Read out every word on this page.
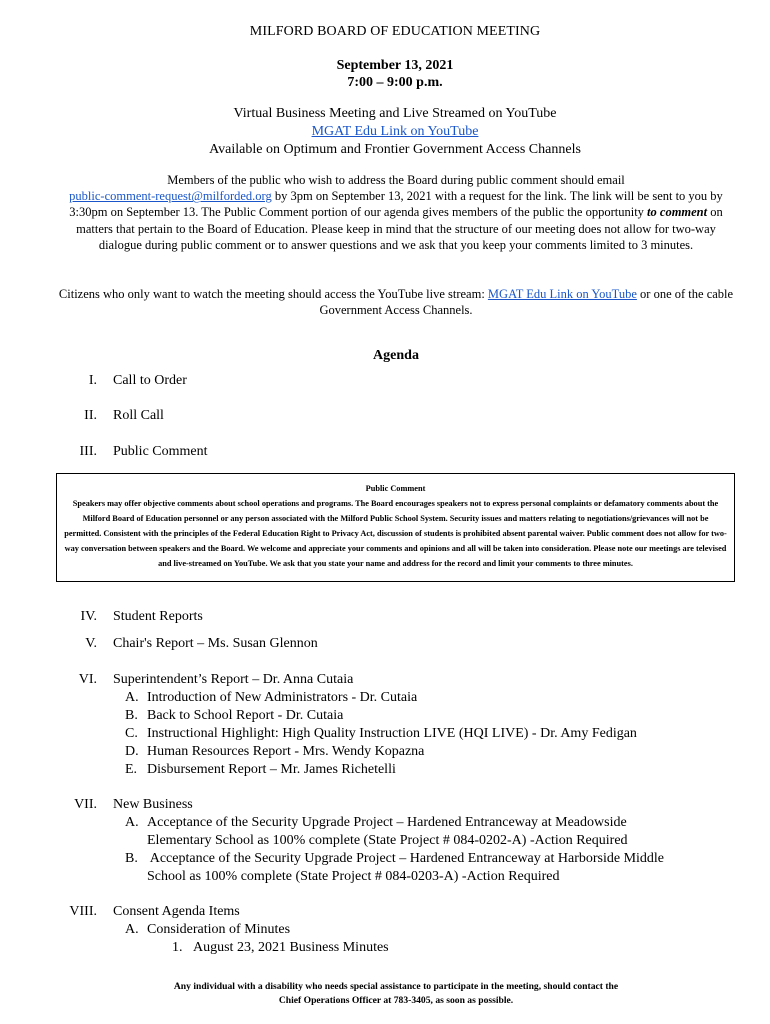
MILFORD BOARD OF EDUCATION MEETING
September 13, 2021
7:00 – 9:00 p.m.
Virtual Business Meeting and Live Streamed on YouTube
MGAT Edu Link on YouTube
Available on Optimum and Frontier Government Access Channels
Members of the public who wish to address the Board during public comment should email
public-comment-request@milforded.org by 3pm on September 13, 2021 with a request for the link. The link will be sent to you by 3:30pm on September 13. The Public Comment portion of our agenda gives members of the public the opportunity to comment on matters that pertain to the Board of Education. Please keep in mind that the structure of our meeting does not allow for two-way dialogue during public comment or to answer questions and we ask that you keep your comments limited to 3 minutes.
Citizens who only want to watch the meeting should access the YouTube live stream: MGAT Edu Link on YouTube or one of the cable Government Access Channels.
Agenda
I. Call to Order
II. Roll Call
III. Public Comment
Public Comment
Speakers may offer objective comments about school operations and programs. The Board encourages speakers not to express personal complaints or defamatory comments about the Milford Board of Education personnel or any person associated with the Milford Public School System. Security issues and matters relating to negotiations/grievances will not be permitted. Consistent with the principles of the Federal Education Right to Privacy Act, discussion of students is prohibited absent parental waiver. Public comment does not allow for two-way conversation between speakers and the Board. We welcome and appreciate your comments and opinions and all will be taken into consideration. Please note our meetings are televised and live-streamed on YouTube. We ask that you state your name and address for the record and limit your comments to three minutes.
IV. Student Reports
V. Chair's Report – Ms. Susan Glennon
VI. Superintendent’s Report – Dr. Anna Cutaia
A. Introduction of New Administrators - Dr. Cutaia
B. Back to School Report - Dr. Cutaia
C. Instructional Highlight: High Quality Instruction LIVE (HQI LIVE) - Dr. Amy Fedigan
D. Human Resources Report - Mrs. Wendy Kopazna
E. Disbursement Report – Mr. James Richetelli
VII. New Business
A. Acceptance of the Security Upgrade Project – Hardened Entranceway at Meadowside
Elementary School as 100% complete (State Project # 084-0202-A) -Action Required
B. Acceptance of the Security Upgrade Project – Hardened Entranceway at Harborside Middle
School as 100% complete (State Project # 084-0203-A) -Action Required
VIII. Consent Agenda Items
A. Consideration of Minutes
1. August 23, 2021 Business Minutes
Any individual with a disability who needs special assistance to participate in the meeting, should contact the
Chief Operations Officer at 783-3405, as soon as possible.
